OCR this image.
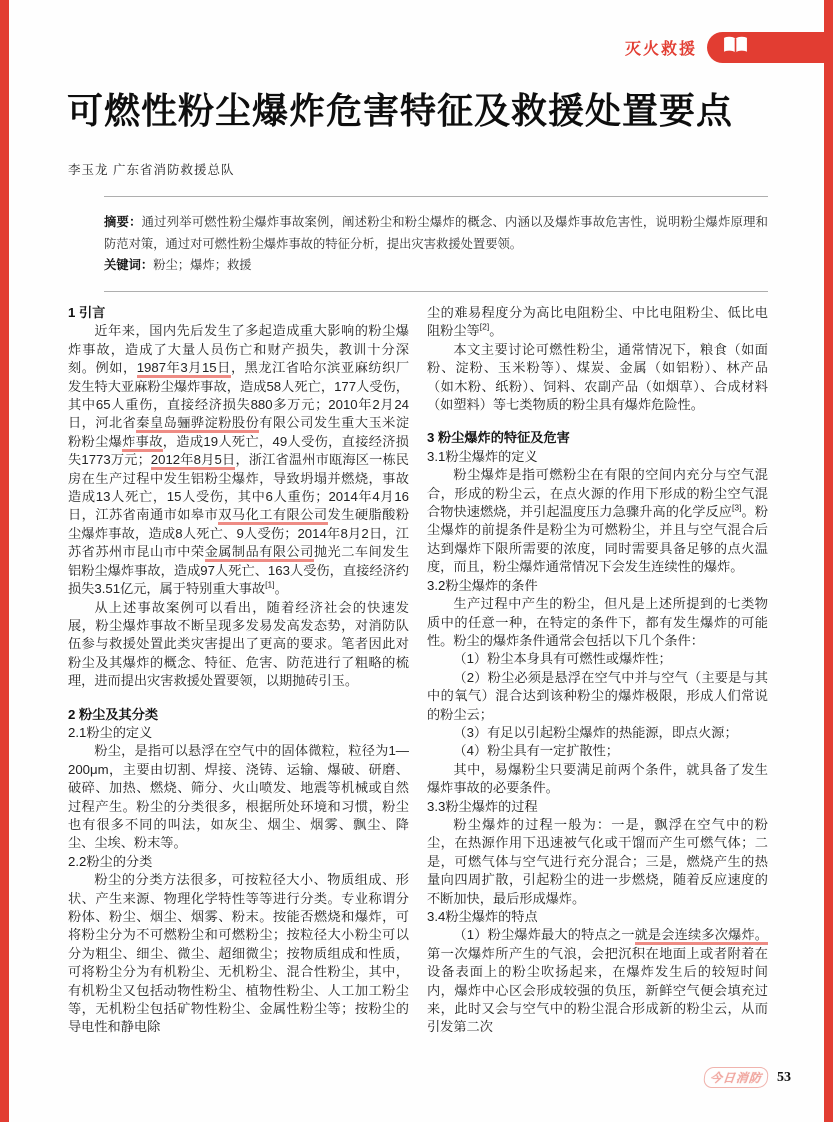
灭火救援
可燃性粉尘爆炸危害特征及救援处置要点
李玉龙 广东省消防救援总队

摘要：通过列举可燃性粉尘爆炸事故案例，阐述粉尘和粉尘爆炸的概念、内涵以及爆炸事故危害性，说明粉尘爆炸原理和防范对策，通过对可燃性粉尘爆炸事故的特征分析，提出灾害救援处置要领。

关键词：粉尘；爆炸；救援

1 引言

近年来，国内先后发生了多起造成重大影响的粉尘爆炸事故，造成了大量人员伤亡和财产损失，教训十分深刻。例如，1987年3月15日，黑龙江省哈尔滨亚麻纺织厂发生特大亚麻粉尘爆炸事故，造成58人死亡，177人受伤，其中65人重伤，直接经济损失880多万元；2010年2月24日，河北省秦皇岛骊骅淀粉股份有限公司发生重大玉米淀粉粉尘爆炸事故，造成19人死亡，49人受伤，直接经济损失1773万元；2012年8月5日，浙江省温州市瓯海区一栋民房在生产过程中发生铝粉尘爆炸，导致坍塌并燃烧，事故造成13人死亡，15人受伤，其中6人重伤；2014年4月16日，江苏省南通市如皋市双马化工有限公司发生硬脂酸粉尘爆炸事故，造成8人死亡、9人受伤；2014年8月2日，江苏省苏州市昆山市中荣金属制品有限公司抛光二车间发生铝粉尘爆炸事故，造成97人死亡、163人受伤，直接经济约损失3.51亿元，属于特别重大事故[1]。

从上述事故案例可以看出，随着经济社会的快速发展，粉尘爆炸事故不断呈现多发易发高发态势，对消防队伍参与救援处置此类灾害提出了更高的要求。笔者因此对粉尘及其爆炸的概念、特征、危害、防范进行了粗略的梳理，进而提出灾害救援处置要领，以期抛砖引玉。

2 粉尘及其分类
2.1粉尘的定义

粉尘，是指可以悬浮在空气中的固体微粒，粒径为1—200μm，主要由切割、焊接、浇铸、运输、爆破、研磨、破碎、加热、燃烧、筛分、火山喷发、地震等机械或自然过程产生。粉尘的分类很多，根据所处环境和习惯，粉尘也有很多不同的叫法，如灰尘、烟尘、烟雾、飘尘、降尘、尘埃、粉末等。

2.2粉尘的分类

粉尘的分类方法很多，可按粒径大小、物质组成、形状、产生来源、物理化学特性等等进行分类。专业称谓分粉体、粉尘、烟尘、烟雾、粉末。按能否燃烧和爆炸，可将粉尘分为不可燃粉尘和可燃粉尘；按粒径大小粉尘可以分为粗尘、细尘、微尘、超细微尘；按物质组成和性质，可将粉尘分为有机粉尘、无机粉尘、混合性粉尘，其中，有机粉尘又包括动物性粉尘、植物性粉尘、人工加工粉尘等，无机粉尘包括矿物性粉尘、金属性粉尘等；按粉尘的导电性和静电除

尘的难易程度分为高比电阻粉尘、中比电阻粉尘、低比电阻粉尘等[2]。

本文主要讨论可燃性粉尘，通常情况下，粮食（如面粉、淀粉、玉米粉等）、煤炭、金属（如铝粉）、林产品（如木粉、纸粉）、饲料、农副产品（如烟草）、合成材料（如塑料）等七类物质的粉尘具有爆炸危险性。

3 粉尘爆炸的特征及危害
3.1粉尘爆炸的定义

粉尘爆炸是指可燃粉尘在有限的空间内充分与空气混合，形成的粉尘云，在点火源的作用下形成的粉尘空气混合物快速燃烧，并引起温度压力急骤升高的化学反应[3]。粉尘爆炸的前提条件是粉尘为可燃粉尘，并且与空气混合后达到爆炸下限所需要的浓度，同时需要具备足够的点火温度，而且，粉尘爆炸通常情况下会发生连续性的爆炸。

3.2粉尘爆炸的条件

生产过程中产生的粉尘，但凡是上述所提到的七类物质中的任意一种，在特定的条件下，都有发生爆炸的可能性。粉尘的爆炸条件通常会包括以下几个条件：

（1）粉尘本身具有可燃性或爆炸性；

（2）粉尘必须是悬浮在空气中并与空气（主要是与其中的氧气）混合达到该种粉尘的爆炸极限，形成人们常说的粉尘云；

（3）有足以引起粉尘爆炸的热能源，即点火源；

（4）粉尘具有一定扩散性；

其中，易爆粉尘只要满足前两个条件，就具备了发生爆炸事故的必要条件。

3.3粉尘爆炸的过程

粉尘爆炸的过程一般为：一是，飘浮在空气中的粉尘，在热源作用下迅速被气化或干馏而产生可燃气体；二是，可燃气体与空气进行充分混合；三是，燃烧产生的热量向四周扩散，引起粉尘的进一步燃烧，随着反应速度的不断加快，最后形成爆炸。

3.4粉尘爆炸的特点

（1）粉尘爆炸最大的特点之一就是会连续多次爆炸。第一次爆炸所产生的气浪，会把沉积在地面上或者附着在设备表面上的粉尘吹扬起来，在爆炸发生后的较短时间内，爆炸中心区会形成较强的负压，新鲜空气便会填充过来，此时又会与空气中的粉尘混合形成新的粉尘云，从而引发第二次

今日消防	53
